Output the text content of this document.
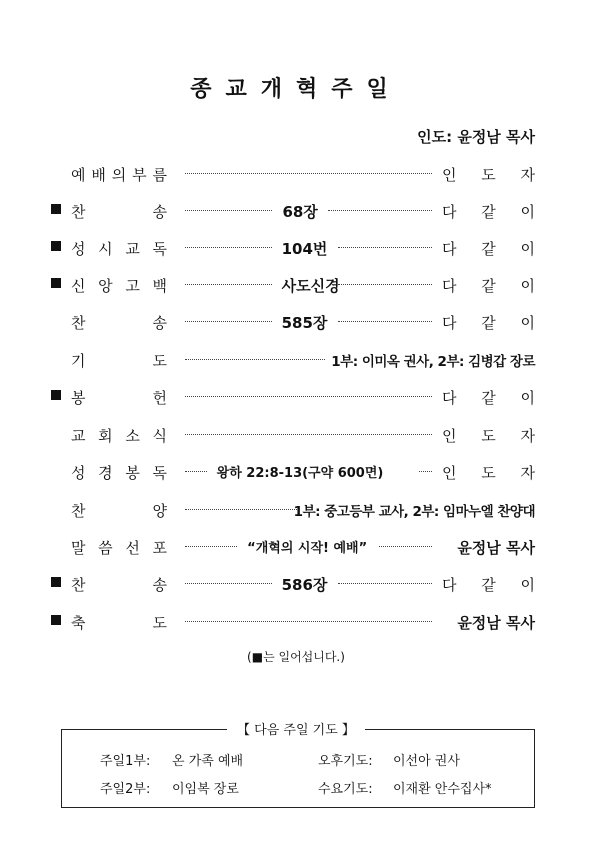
종교개혁주일
인도: 윤정남 목사
예 배 의 부 름	인 도 자
찬	송	68장	다 같 이
성 시 교 독	104번	다 같 이
신 앙 고 백	사도신경	다 같 이
찬	송	585장	다 같 이
기	도	1부: 이미옥 권사, 2부: 김병갑 장로
봉	헌	다 같 이
교 회 소 식	인 도 자
성 경 봉 독	왕하 22:8-13(구약 600면)	인 도 자
찬	양	1부: 중고등부 교사, 2부: 임마누엘 찬양대
말 씀 선 포	“개혁의 시작! 예배”	윤정남 목사
찬	송	586장	다 같 이
축	도	윤정남 목사
(■는 일어섭니다.)
【 다음 주일 기도 】
주일1부: 온 가족 예배	오후기도: 이선아 권사
주일2부: 이임복 장로	수요기도: 이재환 안수집사*
